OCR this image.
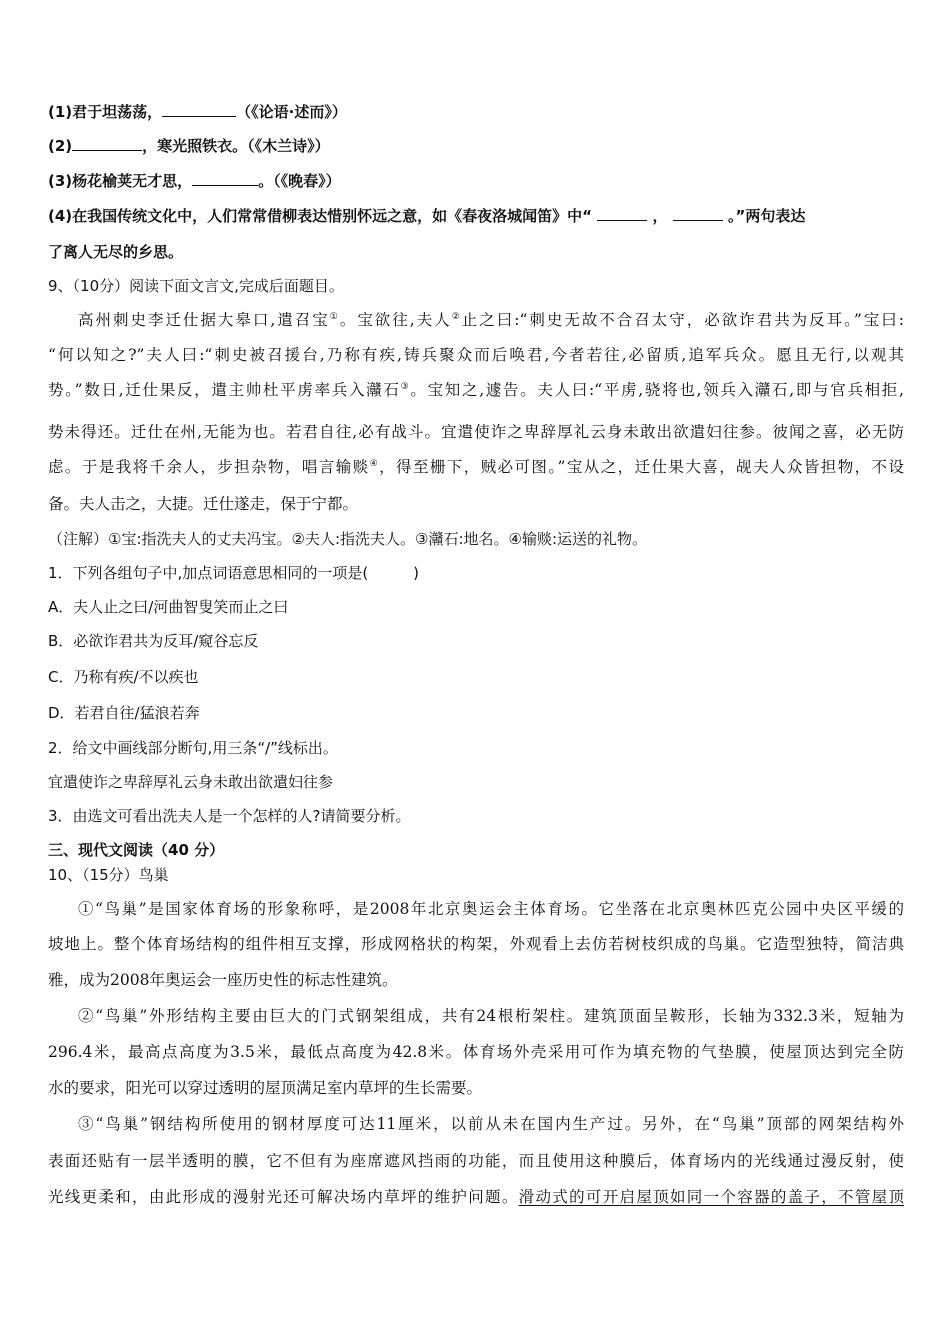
(1)君于坦荡荡，	（《论语·述而》）
(2)	，寒光照铁衣。（《木兰诗》）
(3)杨花榆荚无才思，	。（《晚春》）
(4)在我国传统文化中，人们常常借柳表达惜别怀远之意，如《春夜洛城闻笛》中“	，	。”两句表达
了离人无尽的乡思。
9、（10分）阅读下面文言文,完成后面题目。
高州刺史李迁仕据大皋口,遣召宝①。宝欲往,夫人②止之曰:“刺史无故不合召太守，必欲诈君共为反耳。”宝曰:
“何以知之?”夫人曰:“刺史被召援台,乃称有疾,铸兵聚众而后唤君,今者若往,必留质,追军兵众。愿且无行,以观其
势。”数日,迁仕果反，遣主帅杜平虏率兵入灨石③。宝知之,遽告。夫人曰:“平虏,骁将也,领兵入灨石,即与官兵相拒,
势未得还。迁仕在州,无能为也。若君自往,必有战斗。宜遣使诈之卑辞厚礼云身未敢出欲遣妇往参。彼闻之喜，必无防
虑。于是我将千余人，步担杂物，唱言输赕④，得至栅下，贼必可图。”宝从之，迁仕果大喜，觇夫人众皆担物，不设
备。夫人击之，大捷。迁仕遂走，保于宁都。
（注解）①宝:指洗夫人的丈夫冯宝。②夫人:指洗夫人。③灨石:地名。④输赕:运送的礼物。
1．下列各组句子中,加点词语意思相同的一项是(　　　)
A．夫人止之曰/河曲智叟笑而止之曰
B．必欲诈君共为反耳/窥谷忘反
C．乃称有疾/不以疾也
D．若君自往/猛浪若奔
2．给文中画线部分断句,用三条“/”线标出。
宜遣使诈之卑辞厚礼云身未敢出欲遣妇往参
3．由选文可看出洗夫人是一个怎样的人?请简要分析。
三、现代文阅读（40 分）
10、（15分）鸟巢
①“鸟巢”是国家体育场的形象称呼，是2008年北京奥运会主体育场。它坐落在北京奥林匹克公园中央区平缓的
坡地上。整个体育场结构的组件相互支撑，形成网格状的构架，外观看上去仿若树枝织成的鸟巢。它造型独特，简洁典
雅，成为2008年奥运会一座历史性的标志性建筑。
②“鸟巢”外形结构主要由巨大的门式钢架组成，共有24根桁架柱。建筑顶面呈鞍形，长轴为332.3米，短轴为
296.4米，最高点高度为3.5米，最低点高度为42.8米。体育场外壳采用可作为填充物的气垫膜，使屋顶达到完全防
水的要求，阳光可以穿过透明的屋顶满足室内草坪的生长需要。
③“鸟巢”钢结构所使用的钢材厚度可达11厘米，以前从未在国内生产过。另外，在“鸟巢”顶部的网架结构外
表面还贴有一层半透明的膜，它不但有为座席遮风挡雨的功能，而且使用这种膜后，体育场内的光线通过漫反射，使
光线更柔和，由此形成的漫射光还可解决场内草坪的维护问题。滑动式的可开启屋顶如同一个容器的盖子，不管屋顶
